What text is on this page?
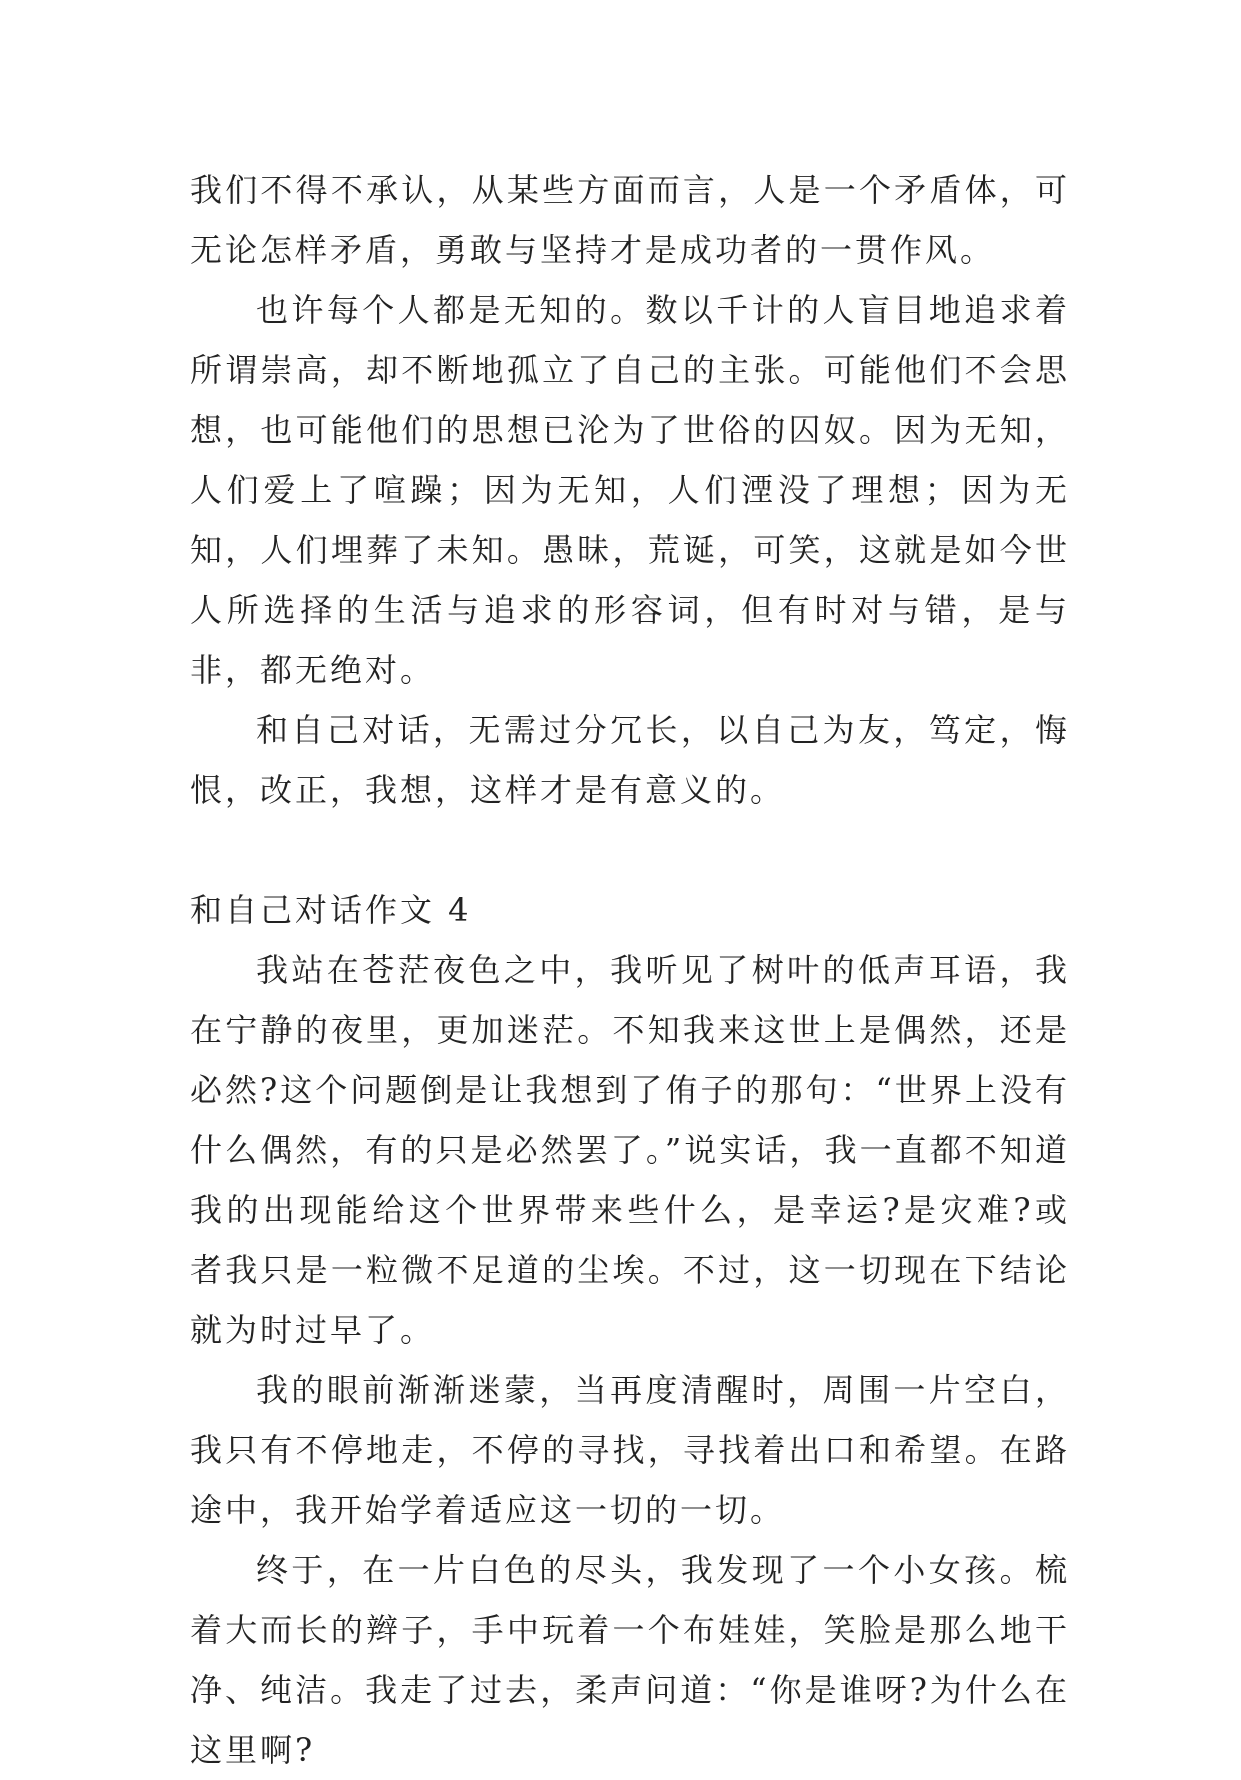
我们不得不承认，从某些方面而言，人是一个矛盾体，可无论怎样矛盾，勇敢与坚持才是成功者的一贯作风。

也许每个人都是无知的。数以千计的人盲目地追求着所谓崇高，却不断地孤立了自己的主张。可能他们不会思想，也可能他们的思想已沦为了世俗的囚奴。因为无知，人们爱上了喧躁；因为无知，人们湮没了理想；因为无知，人们埋葬了未知。愚昧，荒诞，可笑，这就是如今世人所选择的生活与追求的形容词，但有时对与错，是与非，都无绝对。

和自己对话，无需过分冗长，以自己为友，笃定，悔恨，改正，我想，这样才是有意义的。

和自己对话作文 4

我站在苍茫夜色之中，我听见了树叶的低声耳语，我在宁静的夜里，更加迷茫。不知我来这世上是偶然，还是必然?这个问题倒是让我想到了侑子的那句：“世界上没有什么偶然，有的只是必然罢了。”说实话，我一直都不知道我的出现能给这个世界带来些什么，是幸运?是灾难?或者我只是一粒微不足道的尘埃。不过，这一切现在下结论就为时过早了。

我的眼前渐渐迷蒙，当再度清醒时，周围一片空白，我只有不停地走，不停的寻找，寻找着出口和希望。在路途中，我开始学着适应这一切的一切。

终于，在一片白色的尽头，我发现了一个小女孩。梳着大而长的辫子，手中玩着一个布娃娃，笑脸是那么地干净、纯洁。我走了过去，柔声问道：“你是谁呀?为什么在这里啊?
